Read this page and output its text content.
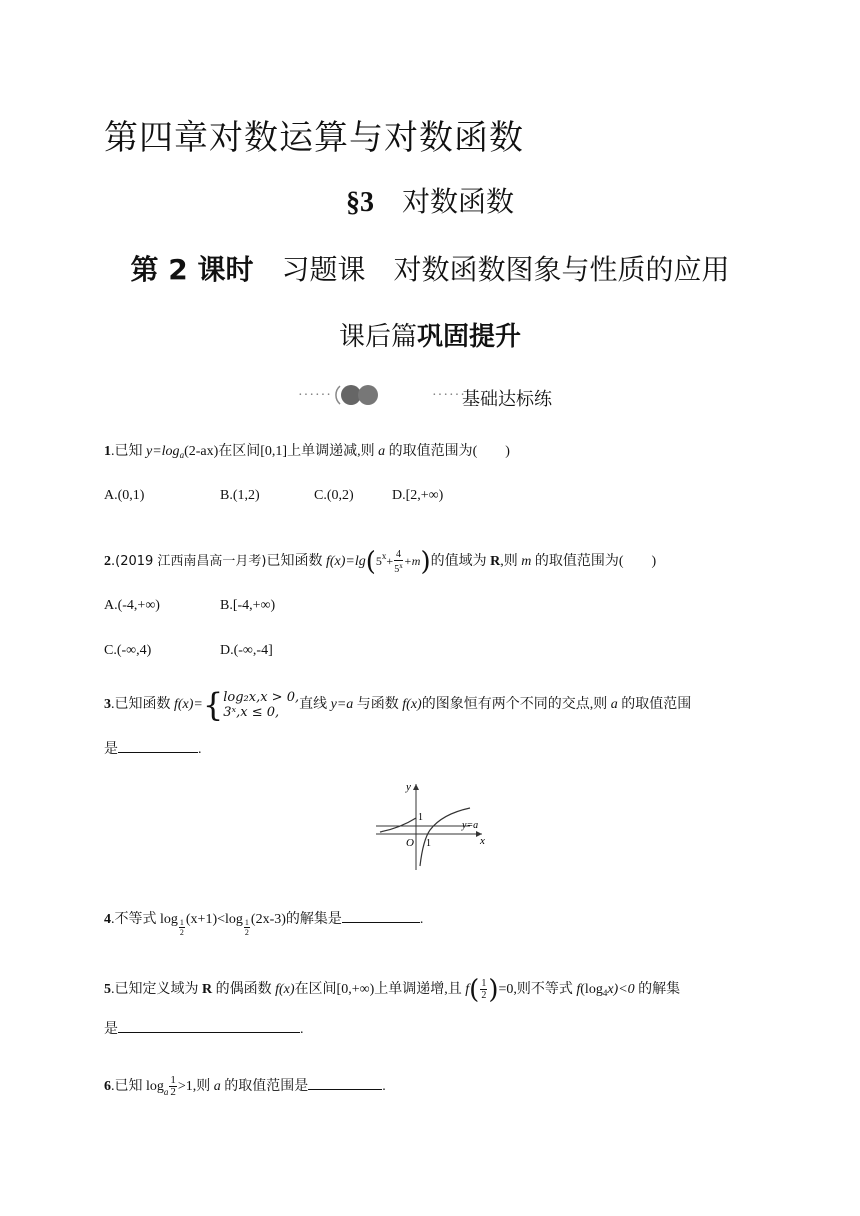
第四章对数运算与对数函数
§3 对数函数
第 2 课时 习题课 对数函数图象与性质的应用
课后篇巩固提升
······	······
基础达标练
1.已知 $y=\log_a(2-ax)$在区间[0,1]上单调递减,则 a 的取值范围为(　　)
A.(0,1)	B.(1,2)	C.(0,2)	D.[2,+∞)
2.(2019 江西南昌高一月考)已知函数 $f(x)=\lg(5^x+ \frac{4}{5^x} +m)$的值域为 R,则 m 的取值范围为(　　)
A.(-4,+∞)	B.[-4,+∞)
C.(-∞,4)	D.(-∞,-4]
3.已知函数 f(x)={ log₂x,x > 0,
3ˣ,x ≤ 0,
直线 y=a 与函数 f(x)的图象恒有两个不同的交点,则 a 的取值范围
是	.
y
x
O
1
1
y=a
4.不等式 $\log \frac{1}{2} (x+1)<\log \frac{1}{2} (2x-3)$的解集是	.
5.已知定义域为 R 的偶函数 f(x)在区间[0,+∞)上单调递增,且 $f( \frac{1}{2} )=0$,则不等式 $f(\log_4x)<0$ 的解集
是	.
6.已知 $\log_a \frac{1}{2} >1$,则 a 的取值范围是	.
